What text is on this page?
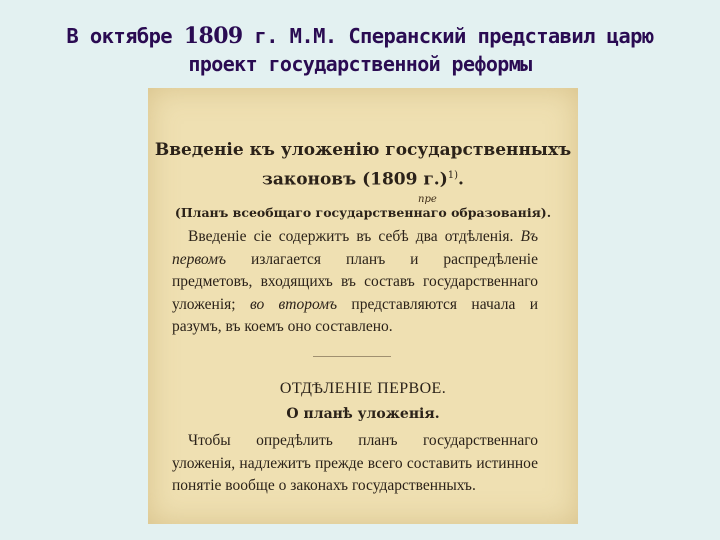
В октябре 1809 г. М.М. Сперанский представил царю
проект государственной реформы
Введеніе къ уложенію государственныхъ
законовъ (1809 г.)$^{1)}$.
пре
(Планъ всеобщаго государственнаго образованія).

Введеніе сіе содержитъ въ себѣ два отдѣленія. Въ первомъ излагается планъ и распредѣленіе предметовъ, входящихъ въ составъ государственнаго уложенія; во второмъ представляются начала и разумъ, въ коемъ оно составлено.

ОТДѢЛЕНІЕ ПЕРВОЕ.
О планѣ уложенія.

Чтобы опредѣлить планъ государственнаго уложенія, надлежитъ прежде всего составить истинное понятіе вообще о законахъ государственныхъ.
